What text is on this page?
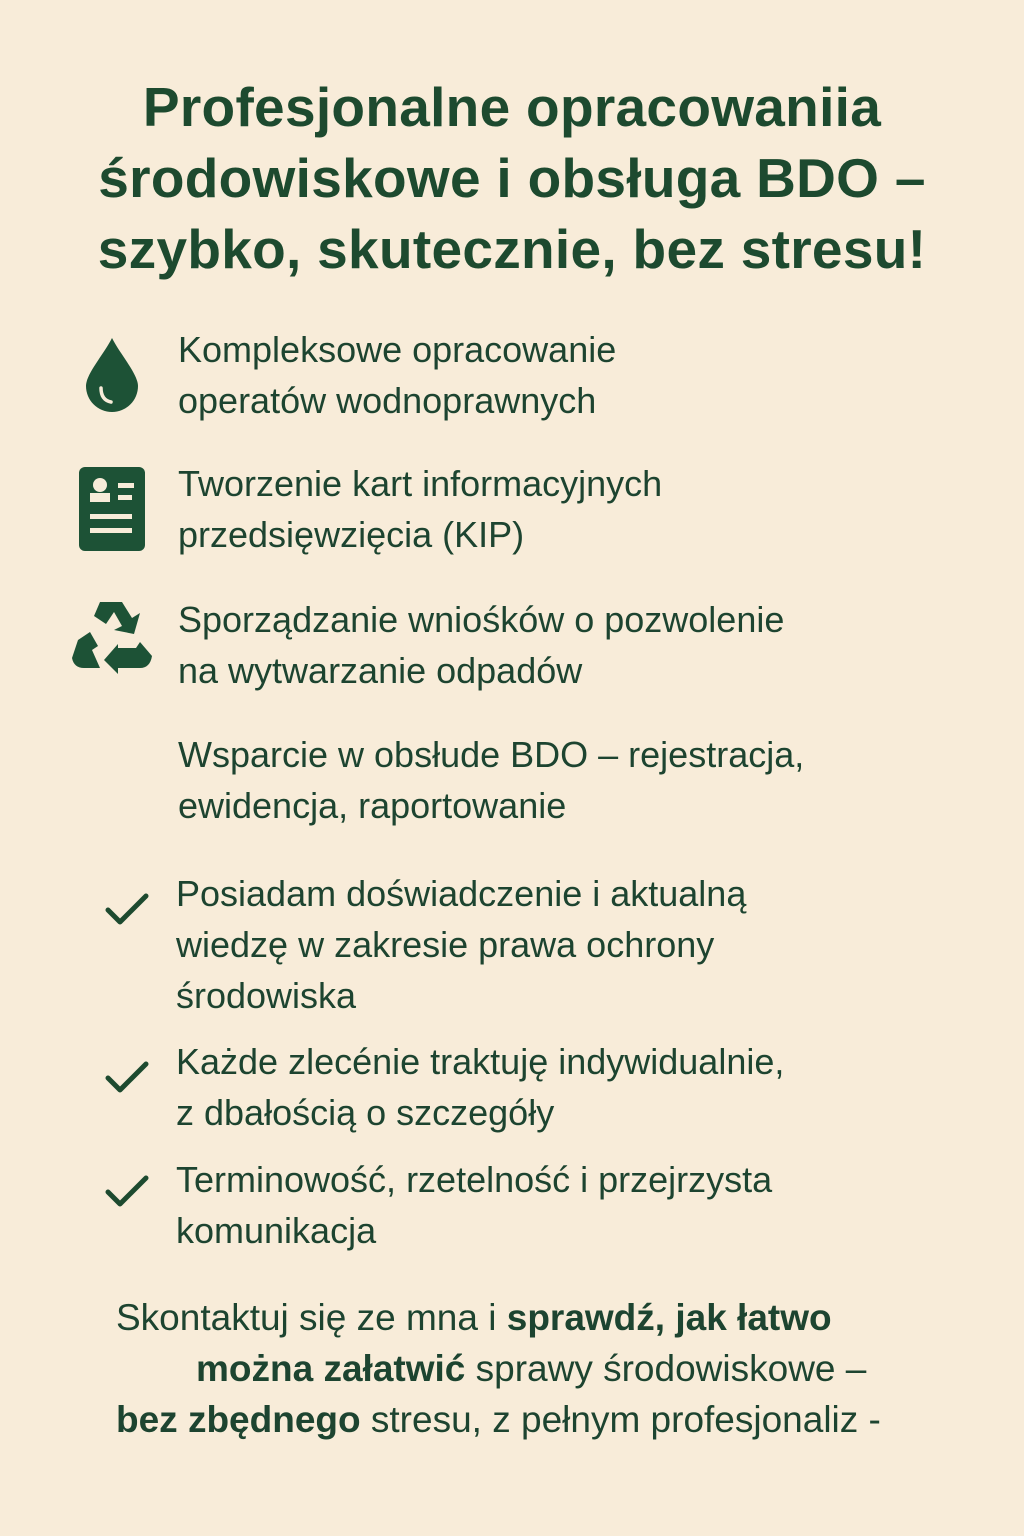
Profesjonalne opracowaniia
środowiskowe i obsługa BDO –
szybko, skutecznie, bez stresu!
Kompleksowe opracowanie
operatów wodnoprawnych
Tworzenie kart informacyjnych
przedsięwzięcia (KIP)
Sporządzanie wniośków o pozwolenie
na wytwarzanie odpadów
Wsparcie w obsłude BDO – rejestracja,
ewidencja, raportowanie
Posiadam doświadczenie i aktualną
wiedzę w zakresie prawa ochrony
środowiska
Każde zlecénie traktuję indywidualnie,
z dbałością o szczegóły
Terminowość, rzetelność i przejrzysta
komunikacja
Skontaktuj się ze mna i sprawdź, jak łatwo
można załatwić sprawy środowiskowe –
bez zbędnego stresu, z pełnym profesjonaliz -
